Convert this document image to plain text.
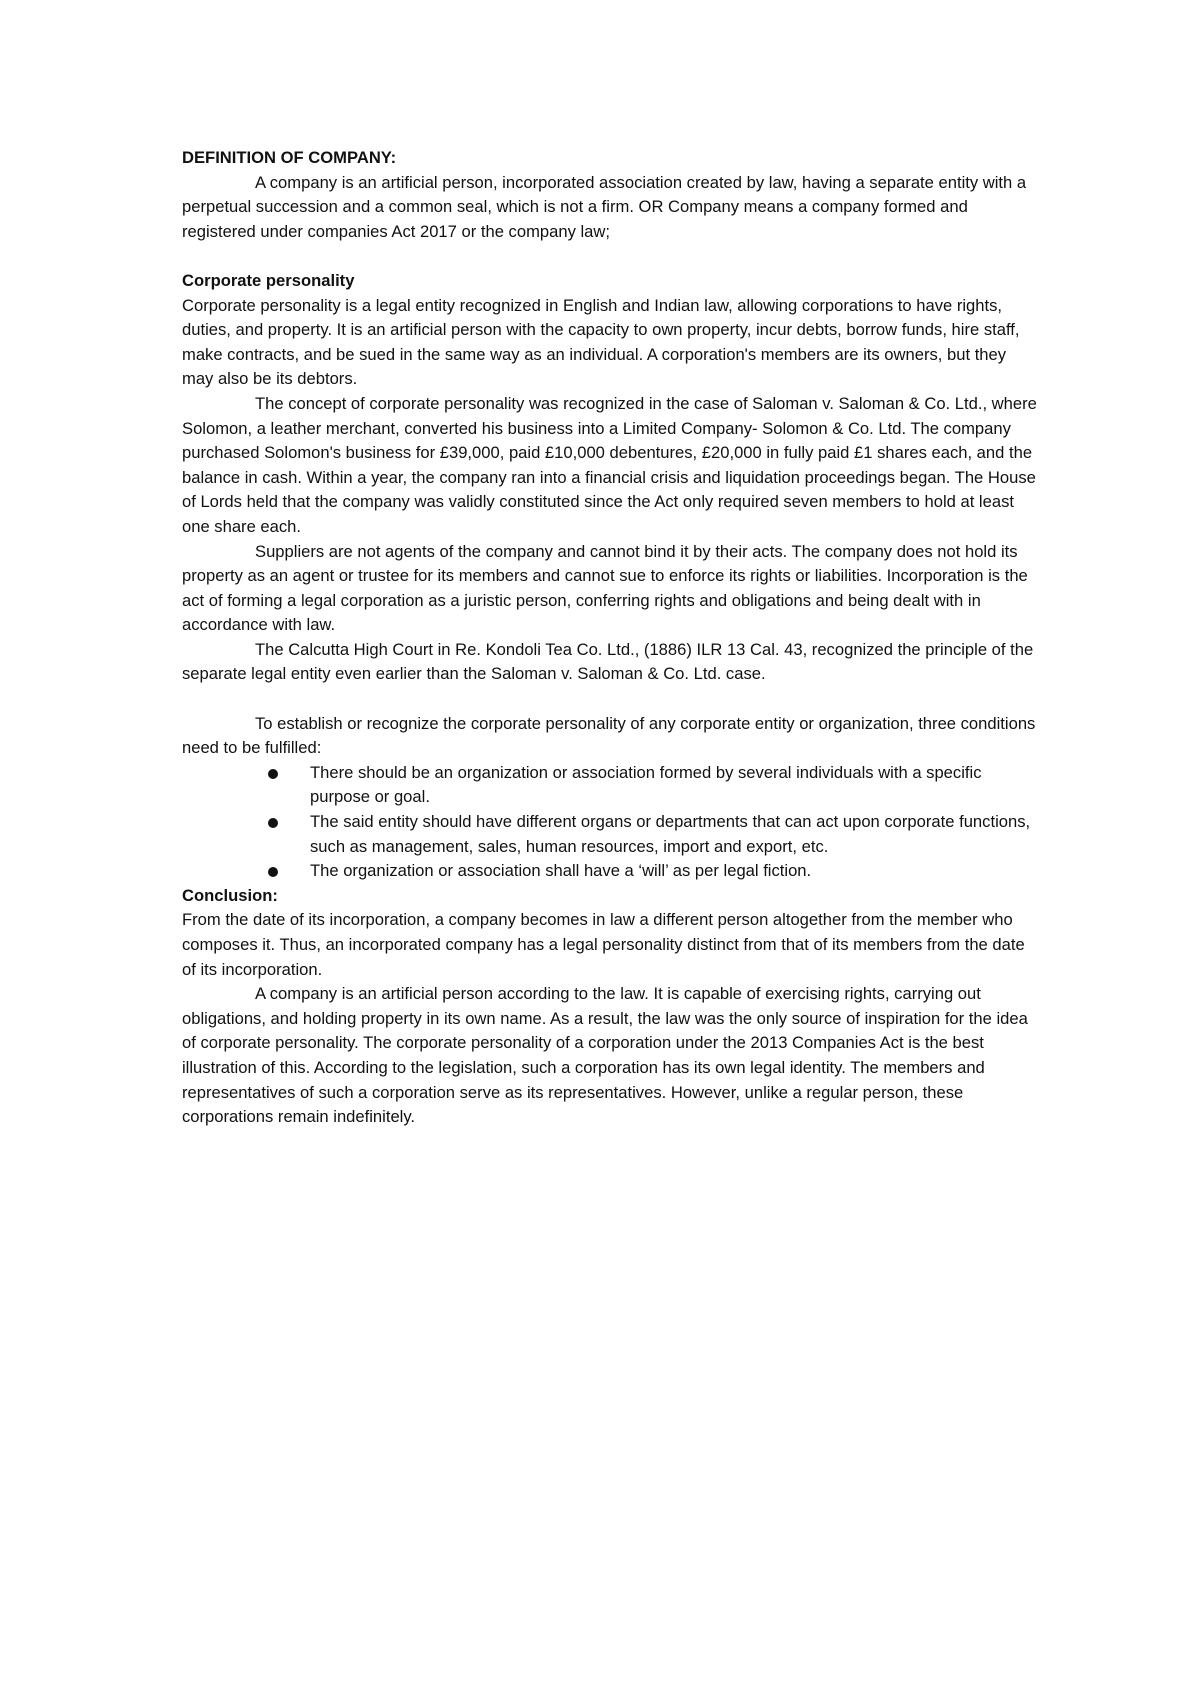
DEFINITION OF COMPANY:

A company is an artificial person, incorporated association created by law, having a separate entity with a perpetual succession and a common seal, which is not a firm. OR Company means a company formed and registered under companies Act 2017 or the company law;

Corporate personality

Corporate personality is a legal entity recognized in English and Indian law, allowing corporations to have rights, duties, and property. It is an artificial person with the capacity to own property, incur debts, borrow funds, hire staff, make contracts, and be sued in the same way as an individual. A corporation's members are its owners, but they may also be its debtors.

The concept of corporate personality was recognized in the case of Saloman v. Saloman & Co. Ltd., where Solomon, a leather merchant, converted his business into a Limited Company- Solomon & Co. Ltd. The company purchased Solomon's business for £39,000, paid £10,000 debentures, £20,000 in fully paid £1 shares each, and the balance in cash. Within a year, the company ran into a financial crisis and liquidation proceedings began. The House of Lords held that the company was validly constituted since the Act only required seven members to hold at least one share each.

Suppliers are not agents of the company and cannot bind it by their acts. The company does not hold its property as an agent or trustee for its members and cannot sue to enforce its rights or liabilities. Incorporation is the act of forming a legal corporation as a juristic person, conferring rights and obligations and being dealt with in accordance with law.

The Calcutta High Court in Re. Kondoli Tea Co. Ltd., (1886) ILR 13 Cal. 43, recognized the principle of the separate legal entity even earlier than the Saloman v. Saloman & Co. Ltd. case.

To establish or recognize the corporate personality of any corporate entity or organization, three conditions need to be fulfilled:

There should be an organization or association formed by several individuals with a specific purpose or goal.
The said entity should have different organs or departments that can act upon corporate functions, such as management, sales, human resources, import and export, etc.
The organization or association shall have a ‘will’ as per legal fiction.

Conclusion:

From the date of its incorporation, a company becomes in law a different person altogether from the member who composes it. Thus, an incorporated company has a legal personality distinct from that of its members from the date of its incorporation.

A company is an artificial person according to the law. It is capable of exercising rights, carrying out obligations, and holding property in its own name. As a result, the law was the only source of inspiration for the idea of corporate personality. The corporate personality of a corporation under the 2013 Companies Act is the best illustration of this. According to the legislation, such a corporation has its own legal identity. The members and representatives of such a corporation serve as its representatives. However, unlike a regular person, these corporations remain indefinitely.
